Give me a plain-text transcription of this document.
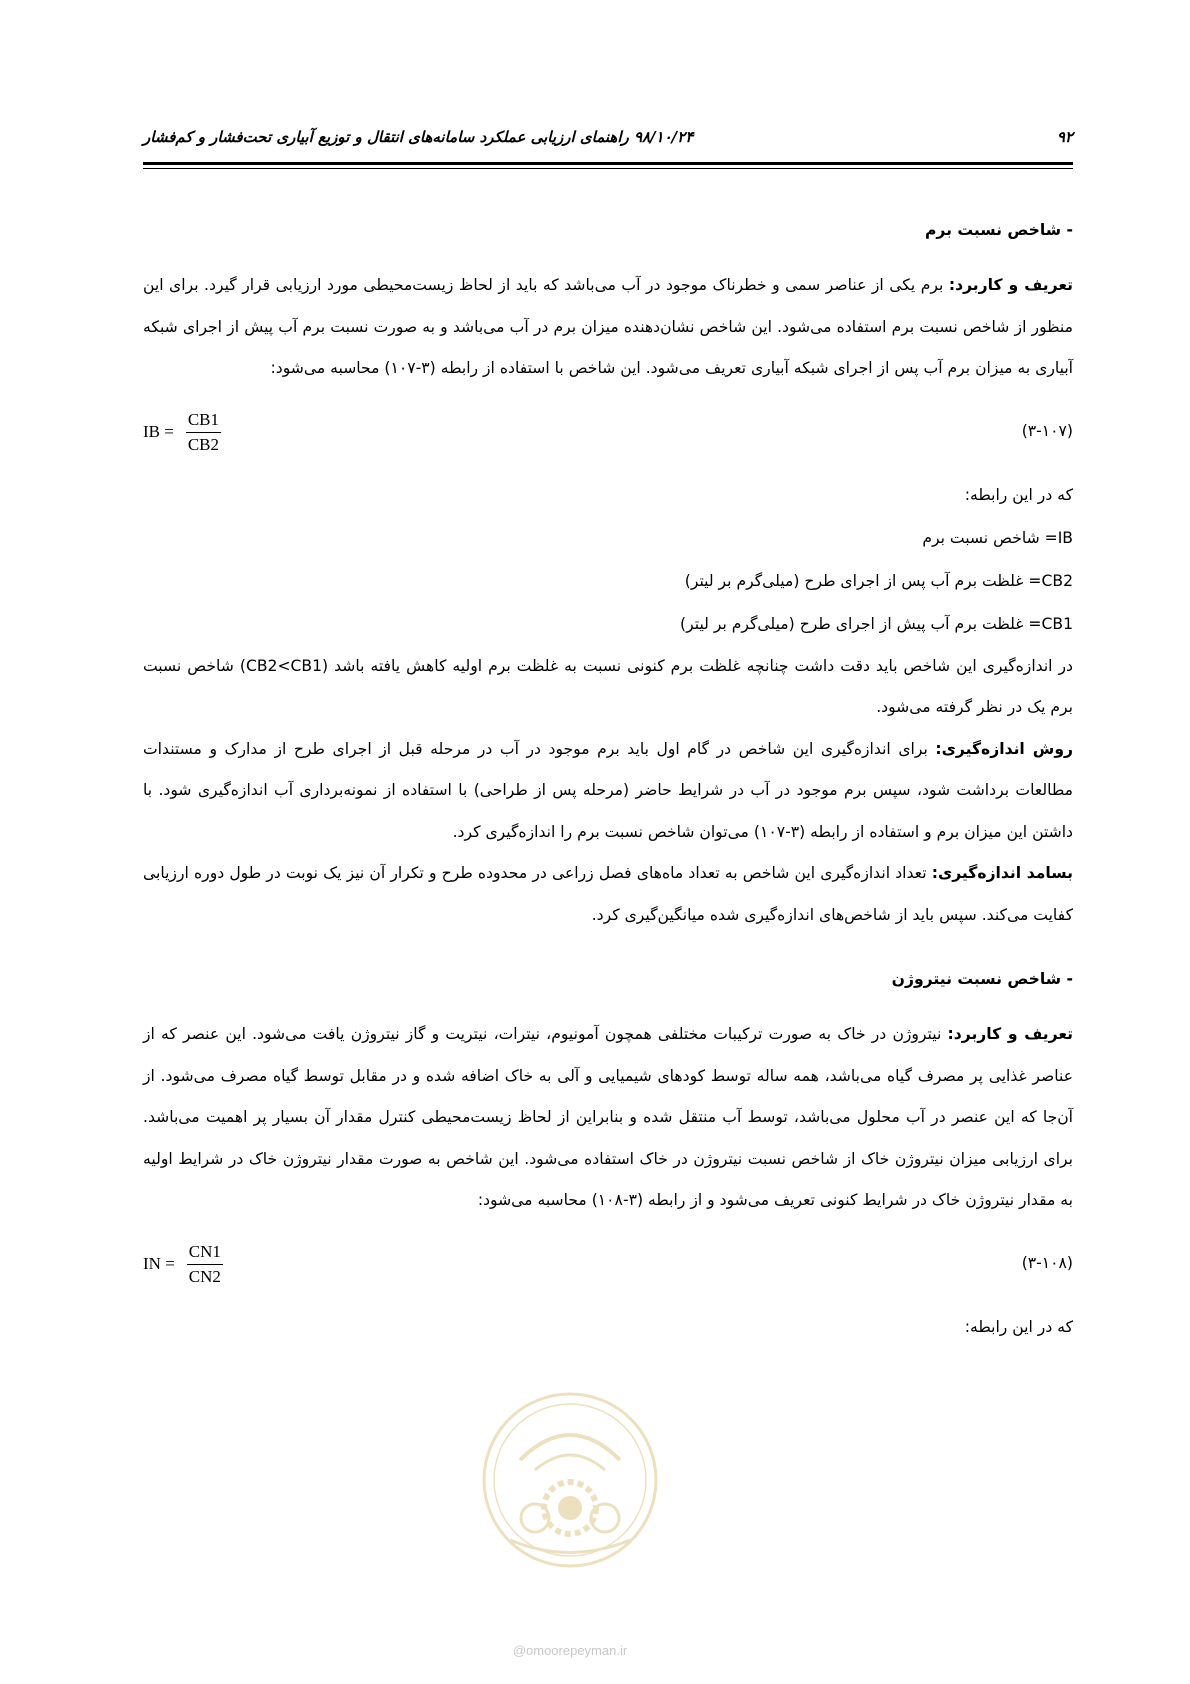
۹۲
۹۸/۱۰/۲۴ راهنمای ارزیابی عملکرد سامانه‌های انتقال و توزیع آبیاری تحت‌فشار و کم‌فشار
- شاخص نسبت برم

تعریف و کاربرد: برم یکی از عناصر سمی و خطرناک موجود در آب می‌باشد که باید از لحاظ زیست‌محیطی مورد ارزیابی قرار گیرد. برای این منظور از شاخص نسبت برم استفاده می‌شود. این شاخص نشان‌دهنده میزان برم در آب می‌باشد و به صورت نسبت برم آب پیش از اجرای شبکه آبیاری به میزان برم آب پس از اجرای شبکه آبیاری تعریف می‌شود. این شاخص با استفاده از رابطه (۳-۱۰۷) محاسبه می‌شود:

(۳-۱۰۷)
IB = $\frac{CB1}{CB2}$
که در این رابطه:
IB= شاخص نسبت برم
CB2= غلظت برم آب پس از اجرای طرح (میلی‌گرم بر لیتر)
CB1= غلظت برم آب پیش از اجرای طرح (میلی‌گرم بر لیتر)

در اندازه‌گیری این شاخص باید دقت داشت چنانچه غلظت برم کنونی نسبت به غلظت برم اولیه کاهش یافته باشد (CB2<CB1) شاخص نسبت برم یک در نظر گرفته می‌شود.

روش اندازه‌گیری: برای اندازه‌گیری این شاخص در گام اول باید برم موجود در آب در مرحله قبل از اجرای طرح از مدارک و مستندات مطالعات برداشت شود، سپس برم موجود در آب در شرایط حاضر (مرحله پس از طراحی) با استفاده از نمونه‌برداری آب اندازه‌گیری شود. با داشتن این میزان برم و استفاده از رابطه (۳-۱۰۷) می‌توان شاخص نسبت برم را اندازه‌گیری کرد.

بسامد اندازه‌گیری: تعداد اندازه‌گیری این شاخص به تعداد ماه‌های فصل زراعی در محدوده طرح و تکرار آن نیز یک نوبت در طول دوره ارزیابی کفایت می‌کند. سپس باید از شاخص‌های اندازه‌گیری شده میانگین‌گیری کرد.

- شاخص نسبت نیتروژن

تعریف و کاربرد: نیتروژن در خاک به صورت ترکیبات مختلفی همچون آمونیوم، نیترات، نیتریت و گاز نیتروژن یافت می‌شود. این عنصر که از عناصر غذایی پر مصرف گیاه می‌باشد، همه ساله توسط کودهای شیمیایی و آلی به خاک اضافه شده و در مقابل توسط گیاه مصرف می‌شود. از آن‌جا که این عنصر در آب محلول می‌باشد، توسط آب منتقل شده و بنابراین از لحاظ زیست‌محیطی کنترل مقدار آن بسیار پر اهمیت می‌باشد. برای ارزیابی میزان نیتروژن خاک از شاخص نسبت نیتروژن در خاک استفاده می‌شود. این شاخص به صورت مقدار نیتروژن خاک در شرایط اولیه به مقدار نیتروژن خاک در شرایط کنونی تعریف می‌شود و از رابطه (۳-۱۰۸) محاسبه می‌شود:

(۳-۱۰۸)
IN = $\frac{CN1}{CN2}$
که در این رابطه:
@omoorepeyman.ir
